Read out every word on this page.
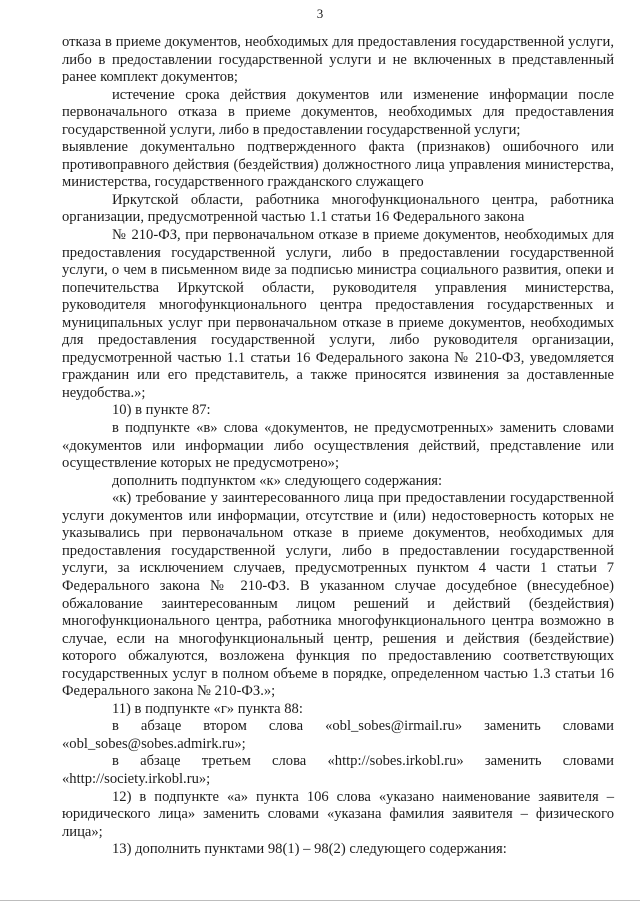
3

отказа в приеме документов, необходимых для предоставления государственной услуги, либо в предоставлении государственной услуги и не включенных в представленный ранее комплект документов;

истечение срока действия документов или изменение информации после первоначального отказа в приеме документов, необходимых для предоставления государственной услуги, либо в предоставлении государственной услуги;

выявление документально подтвержденного факта (признаков) ошибочного или противоправного действия (бездействия) должностного лица управления министерства, министерства, государственного гражданского служащего

Иркутской области, работника многофункционального центра, работника организации, предусмотренной частью 1.1 статьи 16 Федерального закона

№ 210-ФЗ, при первоначальном отказе в приеме документов, необходимых для предоставления государственной услуги, либо в предоставлении государственной услуги, о чем в письменном виде за подписью министра социального развития, опеки и попечительства Иркутской области, руководителя управления министерства, руководителя многофункционального центра предоставления государственных и муниципальных услуг при первоначальном отказе в приеме документов, необходимых для предоставления государственной услуги, либо руководителя организации, предусмотренной частью 1.1 статьи 16 Федерального закона № 210-ФЗ, уведомляется гражданин или его представитель, а также приносятся извинения за доставленные неудобства.»;

10) в пункте 87:

в подпункте «в» слова «документов, не предусмотренных» заменить словами «документов или информации либо осуществления действий, представление или осуществление которых не предусмотрено»;

дополнить подпунктом «к» следующего содержания:

«к) требование у заинтересованного лица при предоставлении государственной услуги документов или информации, отсутствие и (или) недостоверность которых не указывались при первоначальном отказе в приеме документов, необходимых для предоставления государственной услуги, либо в предоставлении государственной услуги, за исключением случаев, предусмотренных пунктом 4 части 1 статьи 7 Федерального закона № 210-ФЗ. В указанном случае досудебное (внесудебное) обжалование заинтересованным лицом решений и действий (бездействия) многофункционального центра, работника многофункционального центра возможно в случае, если на многофункциональный центр, решения и действия (бездействие) которого обжалуются, возложена функция по предоставлению соответствующих государственных услуг в полном объеме в порядке, определенном частью 1.3 статьи 16 Федерального закона № 210-ФЗ.»;

11) в подпункте «г» пункта 88:

в абзаце втором слова «obl_sobes@irmail.ru» заменить словами «obl_sobes@sobes.admirk.ru»;

в абзаце третьем слова «http://sobes.irkobl.ru» заменить словами «http://society.irkobl.ru»;

12) в подпункте «а» пункта 106 слова «указано наименование заявителя – юридического лица» заменить словами «указана фамилия заявителя – физического лица»;

13) дополнить пунктами 98(1) – 98(2) следующего содержания:
